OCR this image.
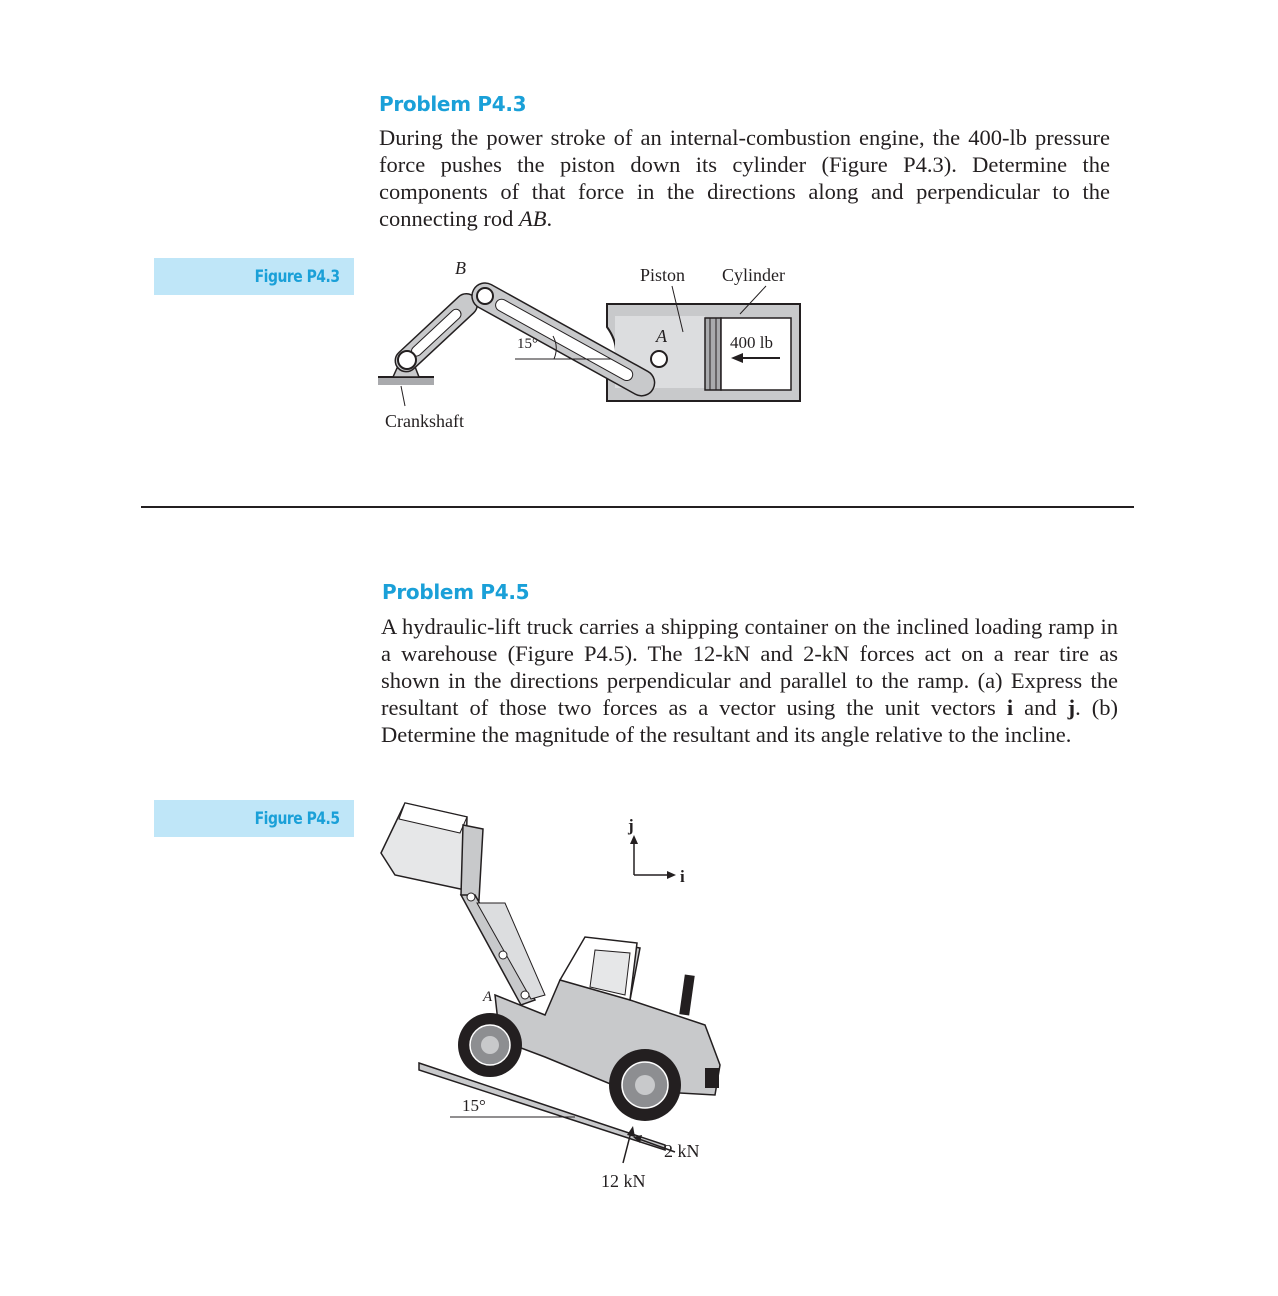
Problem P4.3

During the power stroke of an internal-combustion engine, the 400-lb pressure force pushes the piston down its cylinder (Figure P4.3). Determine the components of that force in the directions along and perpendicular to the connecting rod AB.

Figure P4.3
15°
B	Piston Cylinder
A	400 lb
Crankshaft
Problem P4.5

A hydraulic-lift truck carries a shipping container on the inclined loading ramp in a warehouse (Figure P4.5). The 12-kN and 2-kN forces act on a rear tire as shown in the directions perpendicular and parallel to the ramp. (a) Express the resultant of those two forces as a vector using the unit vectors i and j. (b) Determine the magnitude of the resultant and its angle relative to the incline.

Figure P4.5
15°
A
j
i
2 kN
12 kN
